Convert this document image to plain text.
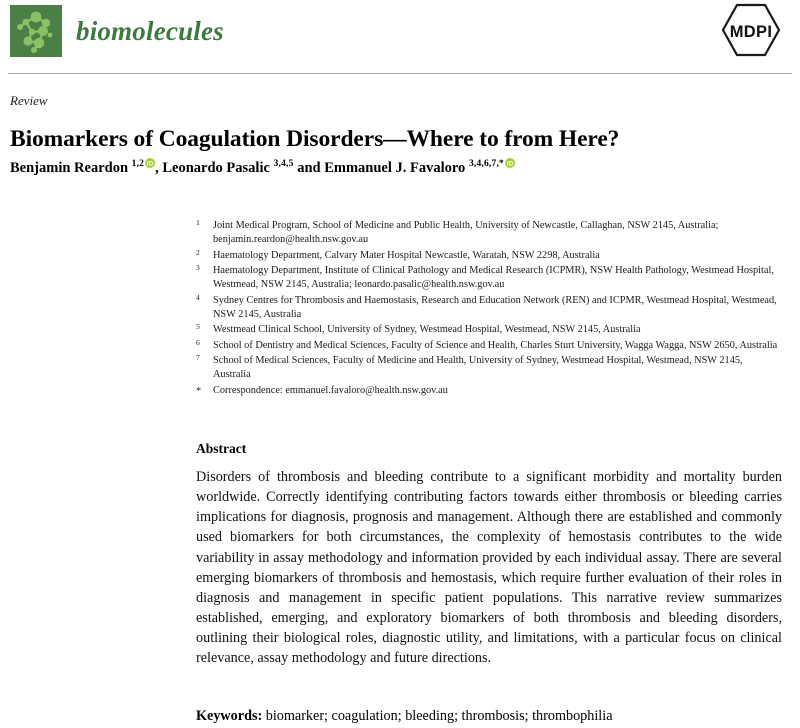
biomolecules	MDPI
Review
Biomarkers of Coagulation Disorders—Where to from Here?
Benjamin Reardon $^{1,2}$ iD , Leonardo Pasalic $^{3,4,5}$ and Emmanuel J. Favaloro $^{3,4,6,7,*}$ iD
1	Joint Medical Program, School of Medicine and Public Health, University of Newcastle, Callaghan, NSW 2145, Australia; benjamin.reardon@health.nsw.gov.au
2	Haematology Department, Calvary Mater Hospital Newcastle, Waratah, NSW 2298, Australia
3	Haematology Department, Institute of Clinical Pathology and Medical Research (ICPMR), NSW Health Pathology, Westmead Hospital, Westmead, NSW 2145, Australia; leonardo.pasalic@health.nsw.gov.au
4	Sydney Centres for Thrombosis and Haemostasis, Research and Education Network (REN) and ICPMR, Westmead Hospital, Westmead, NSW 2145, Australia
5	Westmead Clinical School, University of Sydney, Westmead Hospital, Westmead, NSW 2145, Australia
6	School of Dentistry and Medical Sciences, Faculty of Science and Health, Charles Sturt University, Wagga Wagga, NSW 2650, Australia
7	School of Medical Sciences, Faculty of Medicine and Health, University of Sydney, Westmead Hospital, Westmead, NSW 2145, Australia
*	Correspondence: emmanuel.favaloro@health.nsw.gov.au
Abstract
Disorders of thrombosis and bleeding contribute to a significant morbidity and mortality burden worldwide. Correctly identifying contributing factors towards either thrombosis or bleeding carries implications for diagnosis, prognosis and management. Although there are established and commonly used biomarkers for both circumstances, the complexity of hemostasis contributes to the wide variability in assay methodology and information provided by each individual assay. There are several emerging biomarkers of thrombosis and hemostasis, which require further evaluation of their roles in diagnosis and management in specific patient populations. This narrative review summarizes established, emerging, and exploratory biomarkers of both thrombosis and bleeding disorders, outlining their biological roles, diagnostic utility, and limitations, with a particular focus on clinical relevance, assay methodology and future directions.
Keywords: biomarker; coagulation; bleeding; thrombosis; thrombophilia
